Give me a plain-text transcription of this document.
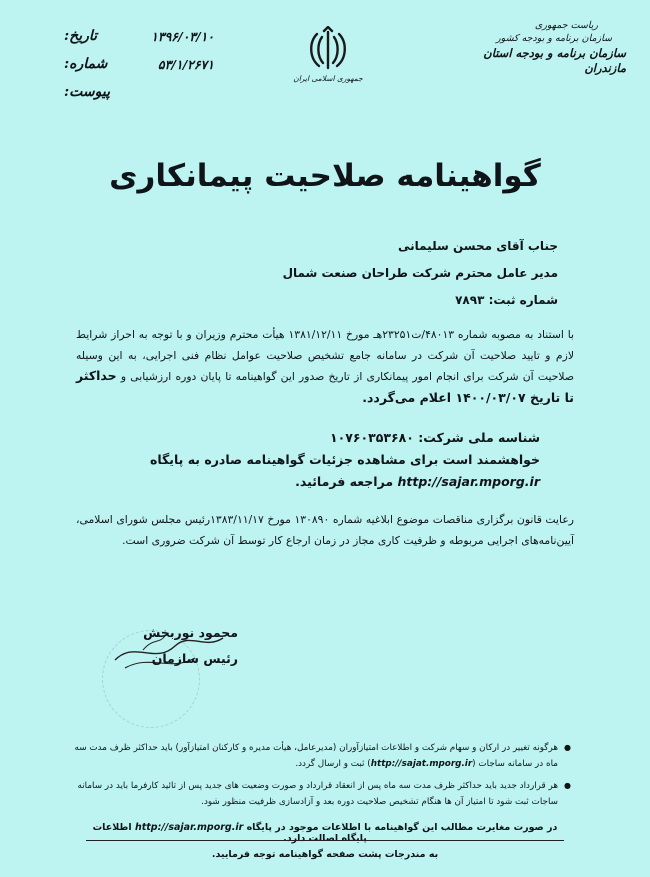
ریاست جمهوری
سازمان برنامه و بودجه کشور
سازمان برنامه و بودجه استان مازندران
جمهوری اسلامی ایران
تاریخ:	۱۳۹۶/۰۳/۱۰
شماره:	۵۳/۱/۲۶۷۱
پیوست:
گواهینامه صلاحیت پیمانکاری
جناب آقای محسن سلیمانی
مدیر عامل محترم شرکت طراحان صنعت شمال
شماره ثبت: ۷۸۹۳
با استناد به مصوبه شماره ۴۸۰۱۳/ت۲۳۲۵۱هـ مورخ ۱۳۸۱/۱۲/۱۱ هیأت محترم وزیران و با توجه به احراز شرایط لازم و تایید صلاحیت آن شرکت در سامانه جامع تشخیص صلاحیت عوامل نظام فنی اجرایی، به این وسیله صلاحیت آن شرکت برای انجام امور پیمانکاری از تاریخ صدور این گواهینامه تا پایان دوره ارزشیابی و حداکثر تا تاریخ ۱۴۰۰/۰۳/۰۷ اعلام می‌گردد.
شناسه ملی شرکت: ۱۰۷۶۰۳۵۳۶۸۰
خواهشمند است برای مشاهده جزئیات گواهینامه صادره به پایگاه
http://sajar.mporg.ir مراجعه فرمائید.
رعایت قانون برگزاری مناقصات موضوع ابلاغیه شماره ۱۳۰۸۹۰ مورخ ۱۳۸۳/۱۱/۱۷رئیس مجلس شورای اسلامی، آیین‌نامه‌های اجرایی مربوطه و ظرفیت کاری مجاز در زمان ارجاع کار توسط آن شرکت ضروری است.
محمود نوربخش
رئیس سازمان
● هرگونه تغییر در ارکان و سهام شرکت و اطلاعات امتیازآوران (مدیرعامل، هیأت مدیره و کارکنان امتیازآور) باید حداکثر ظرف مدت سه ماه در سامانه ساجات (http://sajat.mporg.ir) ثبت و ارسال گردد.
● هر قرارداد جدید باید حداکثر ظرف مدت سه ماه پس از انعقاد قرارداد و صورت وضعیت های جدید پس از تائید کارفرما باید در سامانه ساجات ثبت شود تا امتیاز آن ها هنگام تشخیص صلاحیت دوره بعد و آزادسازی ظرفیت منظور شود.
در صورت مغایرت مطالب این گواهینامه با اطلاعات موجود در پایگاه http://sajar.mporg.ir اطلاعات پایگاه اصالت دارد.
به مندرجات پشت صفحه گواهینامه توجه فرمایید.
